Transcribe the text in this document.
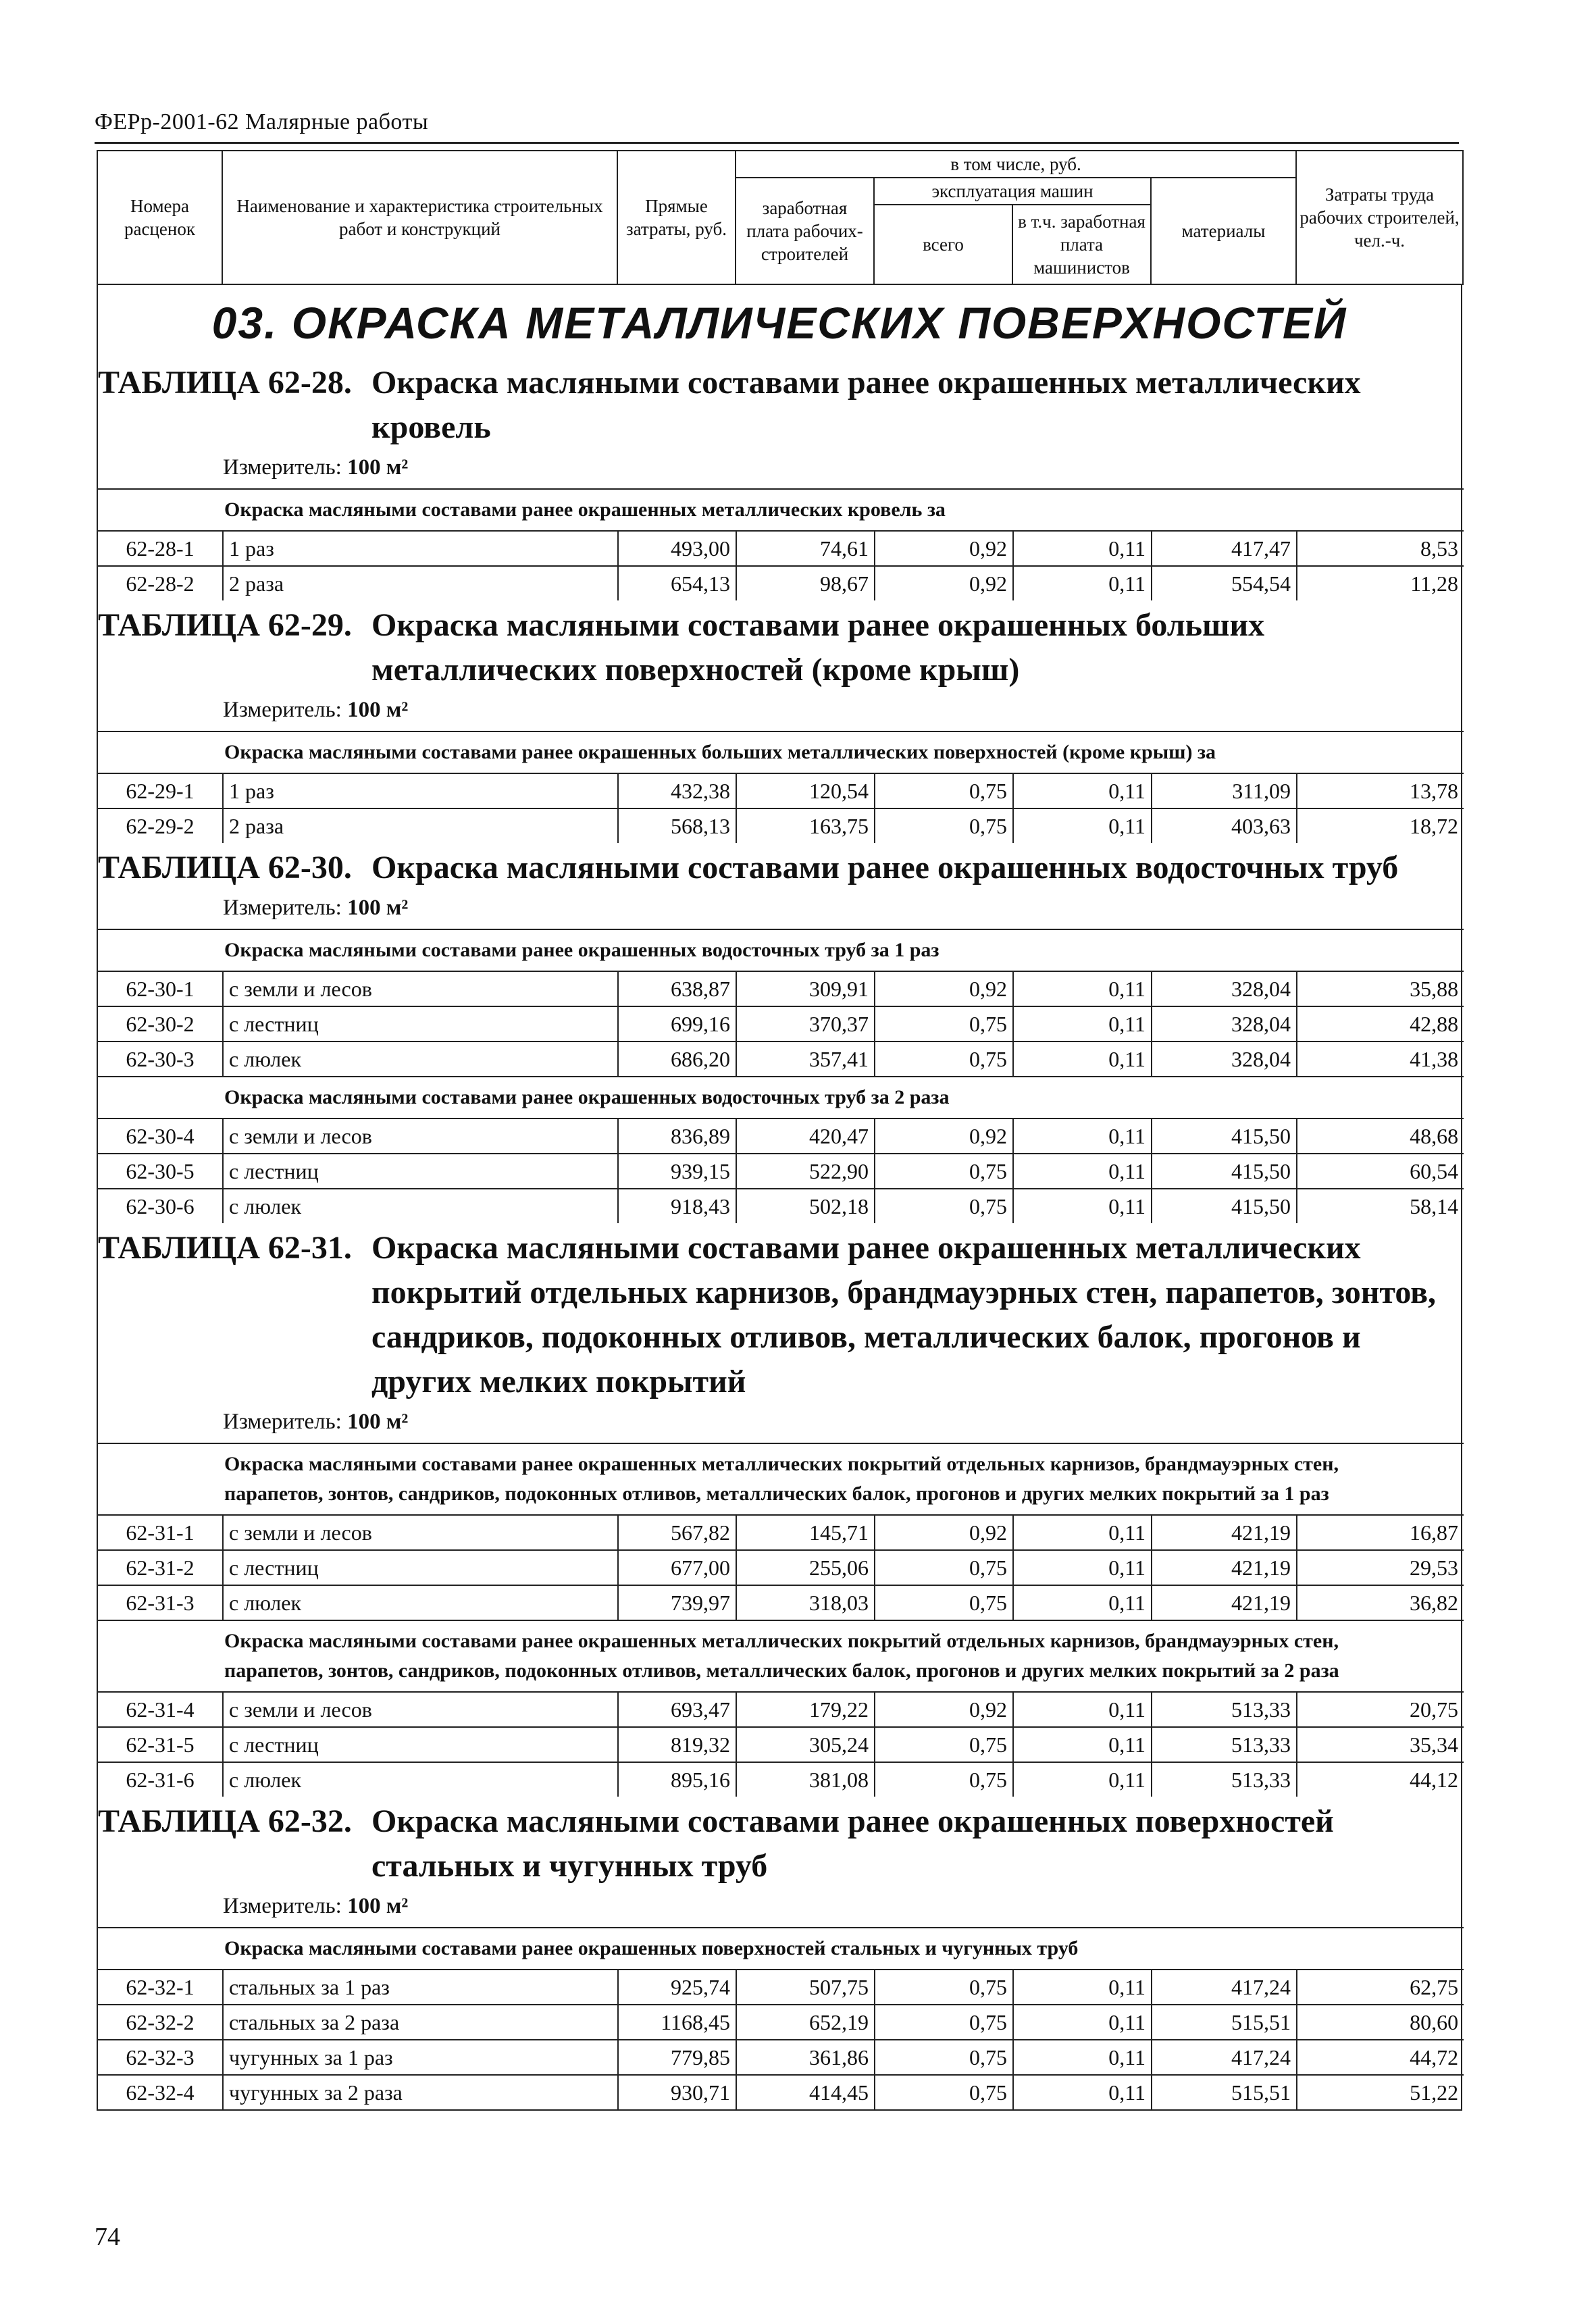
ФЕРр-2001-62 Малярные работы
Номера расценок	Наименование и характеристика строительных работ и конструкций	Прямые затраты, руб.	в том числе, руб.				Затраты труда рабочих строителей, чел.-ч.
			заработная плата рабочих-строителей	эксплуатация машин		материалы	
				всего	в т.ч. заработная плата машинистов		
03. ОКРАСКА МЕТАЛЛИЧЕСКИХ ПОВЕРХНОСТЕЙ
ТАБЛИЦА 62-28. Окраска масляными составами ранее окрашенных металлических кровель
Измеритель: 100 м²
Окраска масляными составами ранее окрашенных металлических кровель за							
62-28-1	1 раз	493,00	74,61	0,92	0,11	417,47	8,53
62-28-2	2 раза	654,13	98,67	0,92	0,11	554,54	11,28
ТАБЛИЦА 62-29. Окраска масляными составами ранее окрашенных больших металлических поверхностей (кроме крыш)
Измеритель: 100 м²
Окраска масляными составами ранее окрашенных больших металлических поверхностей (кроме крыш) за							
62-29-1	1 раз	432,38	120,54	0,75	0,11	311,09	13,78
62-29-2	2 раза	568,13	163,75	0,75	0,11	403,63	18,72
ТАБЛИЦА 62-30. Окраска масляными составами ранее окрашенных водосточных труб
Измеритель: 100 м²
Окраска масляными составами ранее окрашенных водосточных труб за 1 раз							
62-30-1	с земли и лесов	638,87	309,91	0,92	0,11	328,04	35,88
62-30-2	с лестниц	699,16	370,37	0,75	0,11	328,04	42,88
62-30-3	с люлек	686,20	357,41	0,75	0,11	328,04	41,38
Окраска масляными составами ранее окрашенных водосточных труб за 2 раза							
62-30-4	с земли и лесов	836,89	420,47	0,92	0,11	415,50	48,68
62-30-5	с лестниц	939,15	522,90	0,75	0,11	415,50	60,54
62-30-6	с люлек	918,43	502,18	0,75	0,11	415,50	58,14
ТАБЛИЦА 62-31. Окраска масляными составами ранее окрашенных металлических покрытий отдельных карнизов, брандмауэрных стен, парапетов, зонтов, сандриков, подоконных отливов, металлических балок, прогонов и других мелких покрытий
Измеритель: 100 м²
Окраска масляными составами ранее окрашенных металлических покрытий отдельных карнизов, брандмауэрных стен, парапетов, зонтов, сандриков, подоконных отливов, металлических балок, прогонов и других мелких покрытий за 1 раз							
62-31-1	с земли и лесов	567,82	145,71	0,92	0,11	421,19	16,87
62-31-2	с лестниц	677,00	255,06	0,75	0,11	421,19	29,53
62-31-3	с люлек	739,97	318,03	0,75	0,11	421,19	36,82
Окраска масляными составами ранее окрашенных металлических покрытий отдельных карнизов, брандмауэрных стен, парапетов, зонтов, сандриков, подоконных отливов, металлических балок, прогонов и других мелких покрытий за 2 раза							
62-31-4	с земли и лесов	693,47	179,22	0,92	0,11	513,33	20,75
62-31-5	с лестниц	819,32	305,24	0,75	0,11	513,33	35,34
62-31-6	с люлек	895,16	381,08	0,75	0,11	513,33	44,12
ТАБЛИЦА 62-32. Окраска масляными составами ранее окрашенных поверхностей стальных и чугунных труб
Измеритель: 100 м²
Окраска масляными составами ранее окрашенных поверхностей стальных и чугунных труб							
62-32-1	стальных за 1 раз	925,74	507,75	0,75	0,11	417,24	62,75
62-32-2	стальных за 2 раза	1168,45	652,19	0,75	0,11	515,51	80,60
62-32-3	чугунных за 1 раз	779,85	361,86	0,75	0,11	417,24	44,72
62-32-4	чугунных за 2 раза	930,71	414,45	0,75	0,11	515,51	51,22
74
